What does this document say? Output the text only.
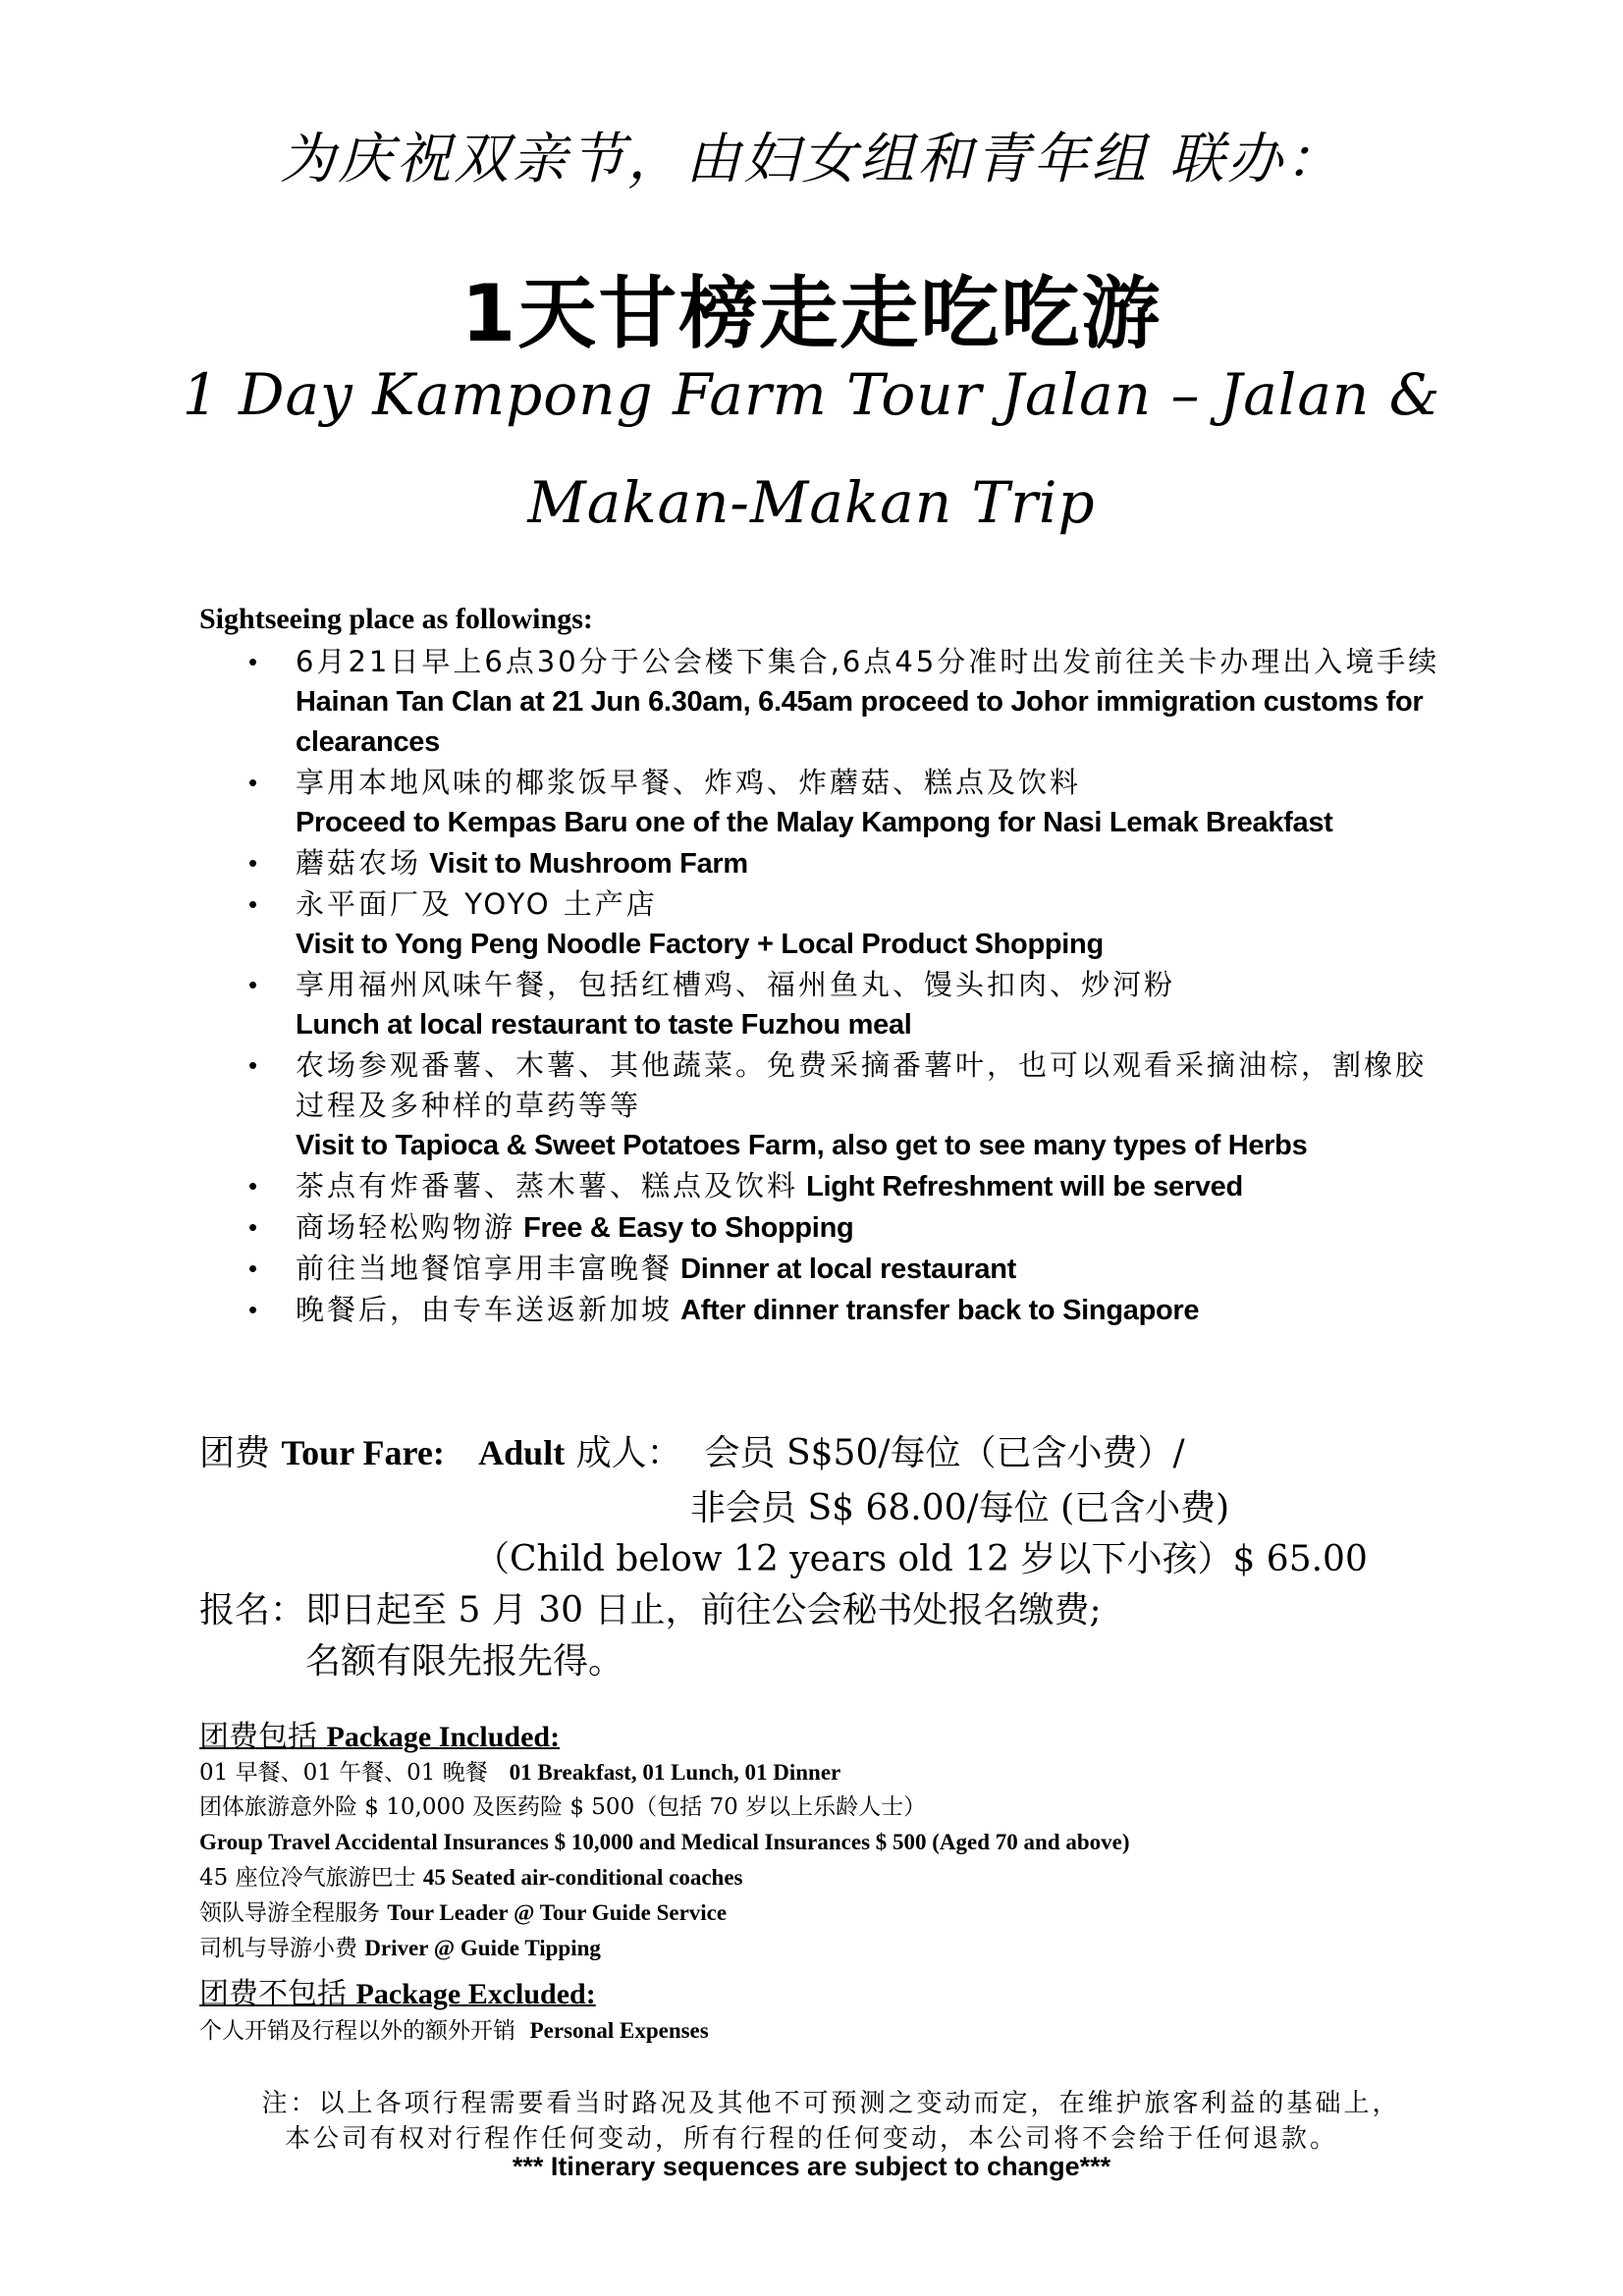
为庆祝双亲节，由妇女组和青年组 联办：
1天甘榜走走吃吃游
1 Day Kampong Farm Tour Jalan – Jalan &
Makan-Makan Trip
Sightseeing place as followings:
• 6月21日早上6点30分于公会楼下集合,6点45分准时出发前往关卡办理出入境手续
Hainan Tan Clan at 21 Jun 6.30am, 6.45am proceed to Johor immigration customs for clearances
• 享用本地风味的椰浆饭早餐、炸鸡、炸蘑菇、糕点及饮料
Proceed to Kempas Baru one of the Malay Kampong for Nasi Lemak Breakfast
• 蘑菇农场 Visit to Mushroom Farm
• 永平面厂及 YOYO 土产店
Visit to Yong Peng Noodle Factory + Local Product Shopping
• 享用福州风味午餐，包括红槽鸡、福州鱼丸、馒头扣肉、炒河粉
Lunch at local restaurant to taste Fuzhou meal
• 农场参观番薯、木薯、其他蔬菜。免费采摘番薯叶，也可以观看采摘油棕，割橡胶过程及多种样的草药等等
Visit to Tapioca & Sweet Potatoes Farm, also get to see many types of Herbs
• 茶点有炸番薯、蒸木薯、糕点及饮料 Light Refreshment will be served
• 商场轻松购物游 Free & Easy to Shopping
• 前往当地餐馆享用丰富晚餐 Dinner at local restaurant
• 晚餐后，由专车送返新加坡 After dinner transfer back to Singapore
团费 Tour Fare: Adult 成人： 会员 S$50/每位（已含小费）/
非会员 S$ 68.00/每位 (已含小费)
（Child below 12 years old 12 岁以下小孩）$ 65.00
报名：即日起至 5 月 30 日止，前往公会秘书处报名缴费;
名额有限先报先得。
团费包括 Package Included:
01 早餐、01 午餐、01 晚餐 01 Breakfast, 01 Lunch, 01 Dinner
团体旅游意外险 $ 10,000 及医药险 $ 500（包括 70 岁以上乐龄人士）
Group Travel Accidental Insurances $ 10,000 and Medical Insurances $ 500 (Aged 70 and above)
45 座位冷气旅游巴士 45 Seated air-conditional coaches
领队导游全程服务 Tour Leader @ Tour Guide Service
司机与导游小费 Driver @ Guide Tipping
团费不包括 Package Excluded:
个人开销及行程以外的额外开销 Personal Expenses
注：以上各项行程需要看当时路况及其他不可预测之变动而定，在维护旅客利益的基础上，
本公司有权对行程作任何变动，所有行程的任何变动，本公司将不会给于任何退款。
*** Itinerary sequences are subject to change***
